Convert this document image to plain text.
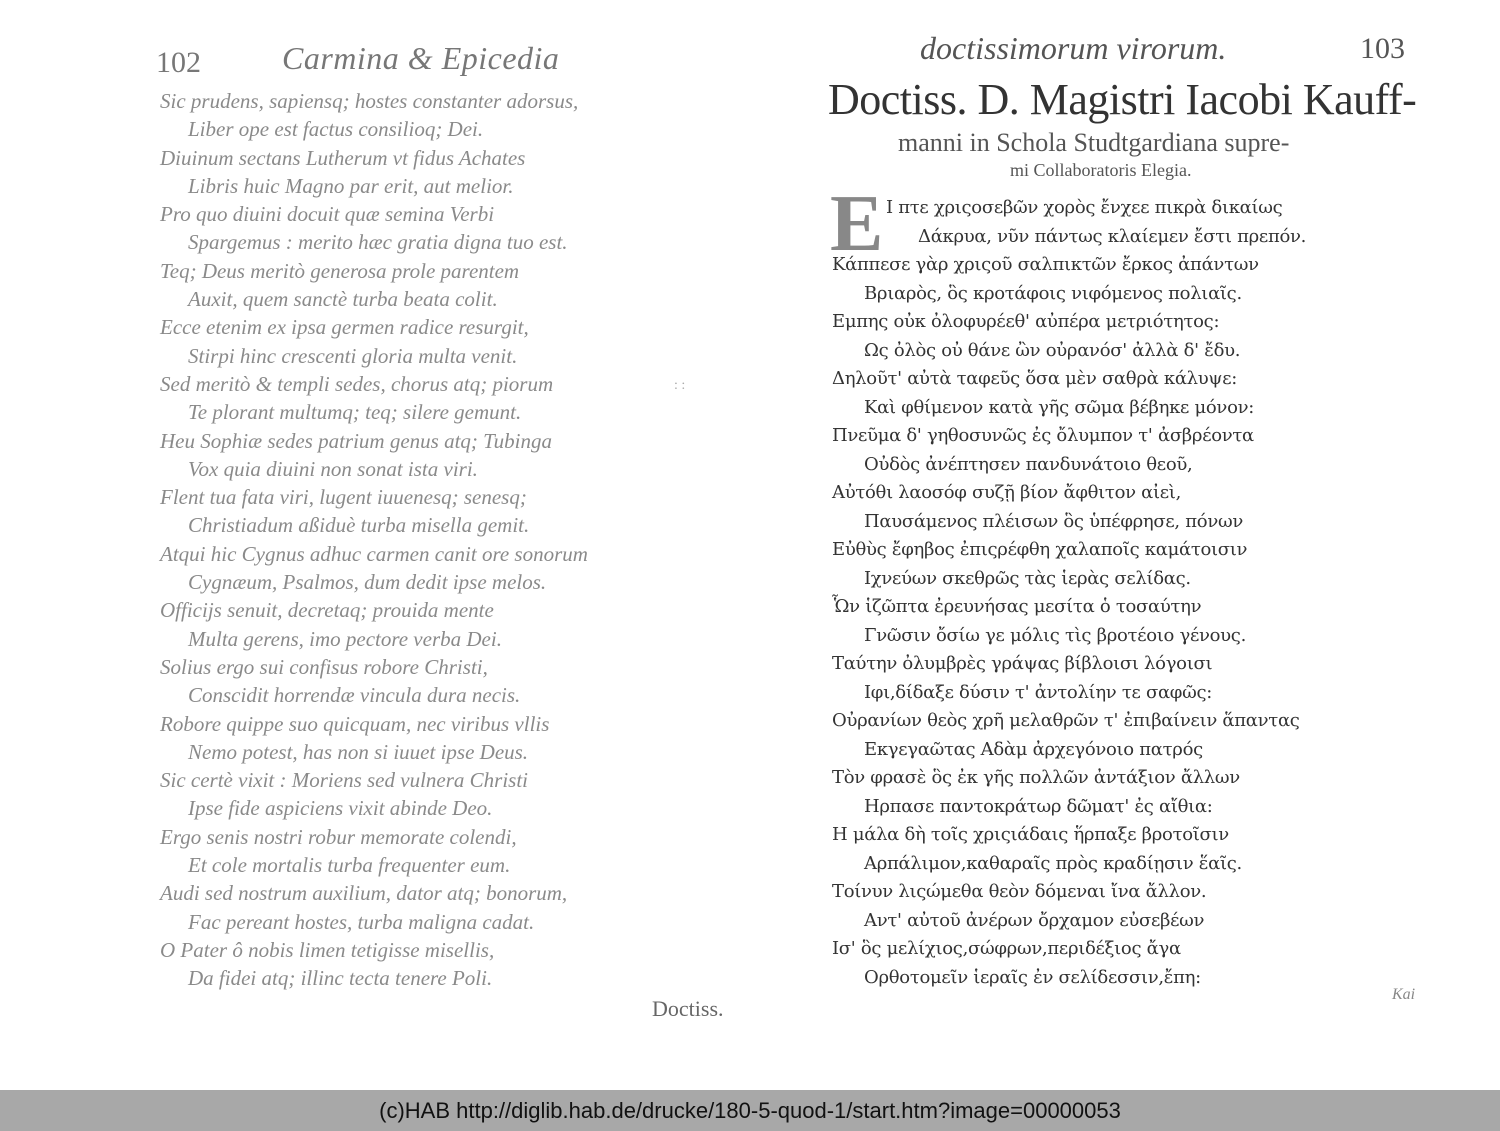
102	Carmina & Epicedia
Sic prudens, sapiensq; hostes constanter adorsus,
Liber ope est factus consilioq; Dei.
Diuinum sectans Lutherum vt fidus Achates
Libris huic Magno par erit, aut melior.
Pro quo diuini docuit quæ semina Verbi
Spargemus : merito hæc gratia digna tuo est.
Teq; Deus meritò generosa prole parentem
Auxit, quem sanctè turba beata colit.
Ecce etenim ex ipsa germen radice resurgit,
Stirpi hinc crescenti gloria multa venit.
Sed meritò & templi sedes, chorus atq; piorum
Te plorant multumq; teq; silere gemunt.
Heu Sophiæ sedes patrium genus atq; Tubinga
Vox quia diuini non sonat ista viri.
Flent tua fata viri, lugent iuuenesq; senesq;
Christiadum aßiduè turba misella gemit.
Atqui hic Cygnus adhuc carmen canit ore sonorum
Cygnæum, Psalmos, dum dedit ipse melos.
Officijs senuit, decretaq; prouida mente
Multa gerens, imo pectore verba Dei.
Solius ergo sui confisus robore Christi,
Conscidit horrendæ vincula dura necis.
Robore quippe suo quicquam, nec viribus vllis
Nemo potest, has non si iuuet ipse Deus.
Sic certè vixit : Moriens sed vulnera Christi
Ipse fide aspiciens vixit abinde Deo.
Ergo senis nostri robur memorate colendi,
Et cole mortalis turba frequenter eum.
Audi sed nostrum auxilium, dator atq; bonorum,
Fac pereant hostes, turba maligna cadat.
O Pater ô nobis limen tetigisse misellis,
Da fidei atq; illinc tecta tenere Poli.
Doctiss.
: :
doctissimorum virorum.	103
Doctiss. D. Magistri Iacobi Kauff-
manni in Schola Studtgardiana supre-
mi Collaboratoris Elegia.
E Ι πτε χριςοσεβῶν χορὸς ἔνχεε πικρὰ δικαίως
Δάκρυα, νῦν πάντως κλαίεμεν ἔστι πρεπόν.
Κάππεσε γὰρ χριςοῦ σαλπικτῶν ἔρκος ἀπάντων
Βριαρὸς, ὃς κροτάφοις νιφόμενος πολιαῖς.
Εμπης οὐκ ὀλοφυρέεθ' αὐπέρα μετριότητος:
Ως ὀλὸς οὐ θάνε ὢν οὐρανόσ' ἀλλὰ δ' ἔδυ.
Δηλοῦτ' αὐτὰ ταφεῦς ὅσα μὲν σαθρὰ κάλυψε:
Καὶ φθίμενον κατὰ γῆς σῶμα βέβηκε μόνον:
Πνεῦμα δ' γηθοσυνῶς ἐς ὄλυμπον τ' ἀσβρέοντα
Οὐδὸς ἀνέπτησεν πανδυνάτοιο θεοῦ,
Αὐτόθι λαοσόφ συζῇ βίον ἄφθιτον αἰεὶ,
Παυσάμενος πλέισων ὃς ὑπέφρησε, πόνων
Εὐθὺς ἔφηβος ἐπιςρέφθη χαλαποῖς καμάτοισιν
Ιχνεύων σκεθρῶς τὰς ἱερὰς σελίδας.
Ὧν ἱζῶπτα ἐρευνήσας μεσίτα ὁ τοσαύτην
Γνῶσιν ὄσίω γε μόλις τὶς βροτέοιο γένους.
Ταύτην ὀλυμβρὲς γράψας βίβλοισι λόγοισι
Ιφι,δίδαξε δύσιν τ' ἀντολίην τε σαφῶς:
Οὐρανίων θεὸς χρῆ μελαθρῶν τ' ἐπιβαίνειν ἅπαντας
Εκγεγαῶτας Αδὰμ ἀρχεγόνοιο πατρός
Τὸν φρασὲ ὃς ἐκ γῆς πολλῶν ἀντάξιον ἄλλων
Ηρπασε παντοκράτωρ δῶματ' ἐς αἴθια:
Η μάλα δὴ τοῖς χριςιάδαις ἥρπαξε βροτοῖσιν
Αρπάλιμον,καθαραῖς πρὸς κραδίῃσιν ἕαῖς.
Τοίνυν λιςώμεθα θεὸν δόμεναι ἴνα ἄλλον.
Αντ' αὐτοῦ ἀνέρων ὄρχαμον εὐσεβέων
Ισ' ὃς μελίχιος,σώφρων,περιδέξιος ἄγα
Ορθοτομεῖν ἱεραῖς ἐν σελίδεσσιν,ἔπη:
Kai
(c)HAB http://diglib.hab.de/drucke/180-5-quod-1/start.htm?image=00000053
